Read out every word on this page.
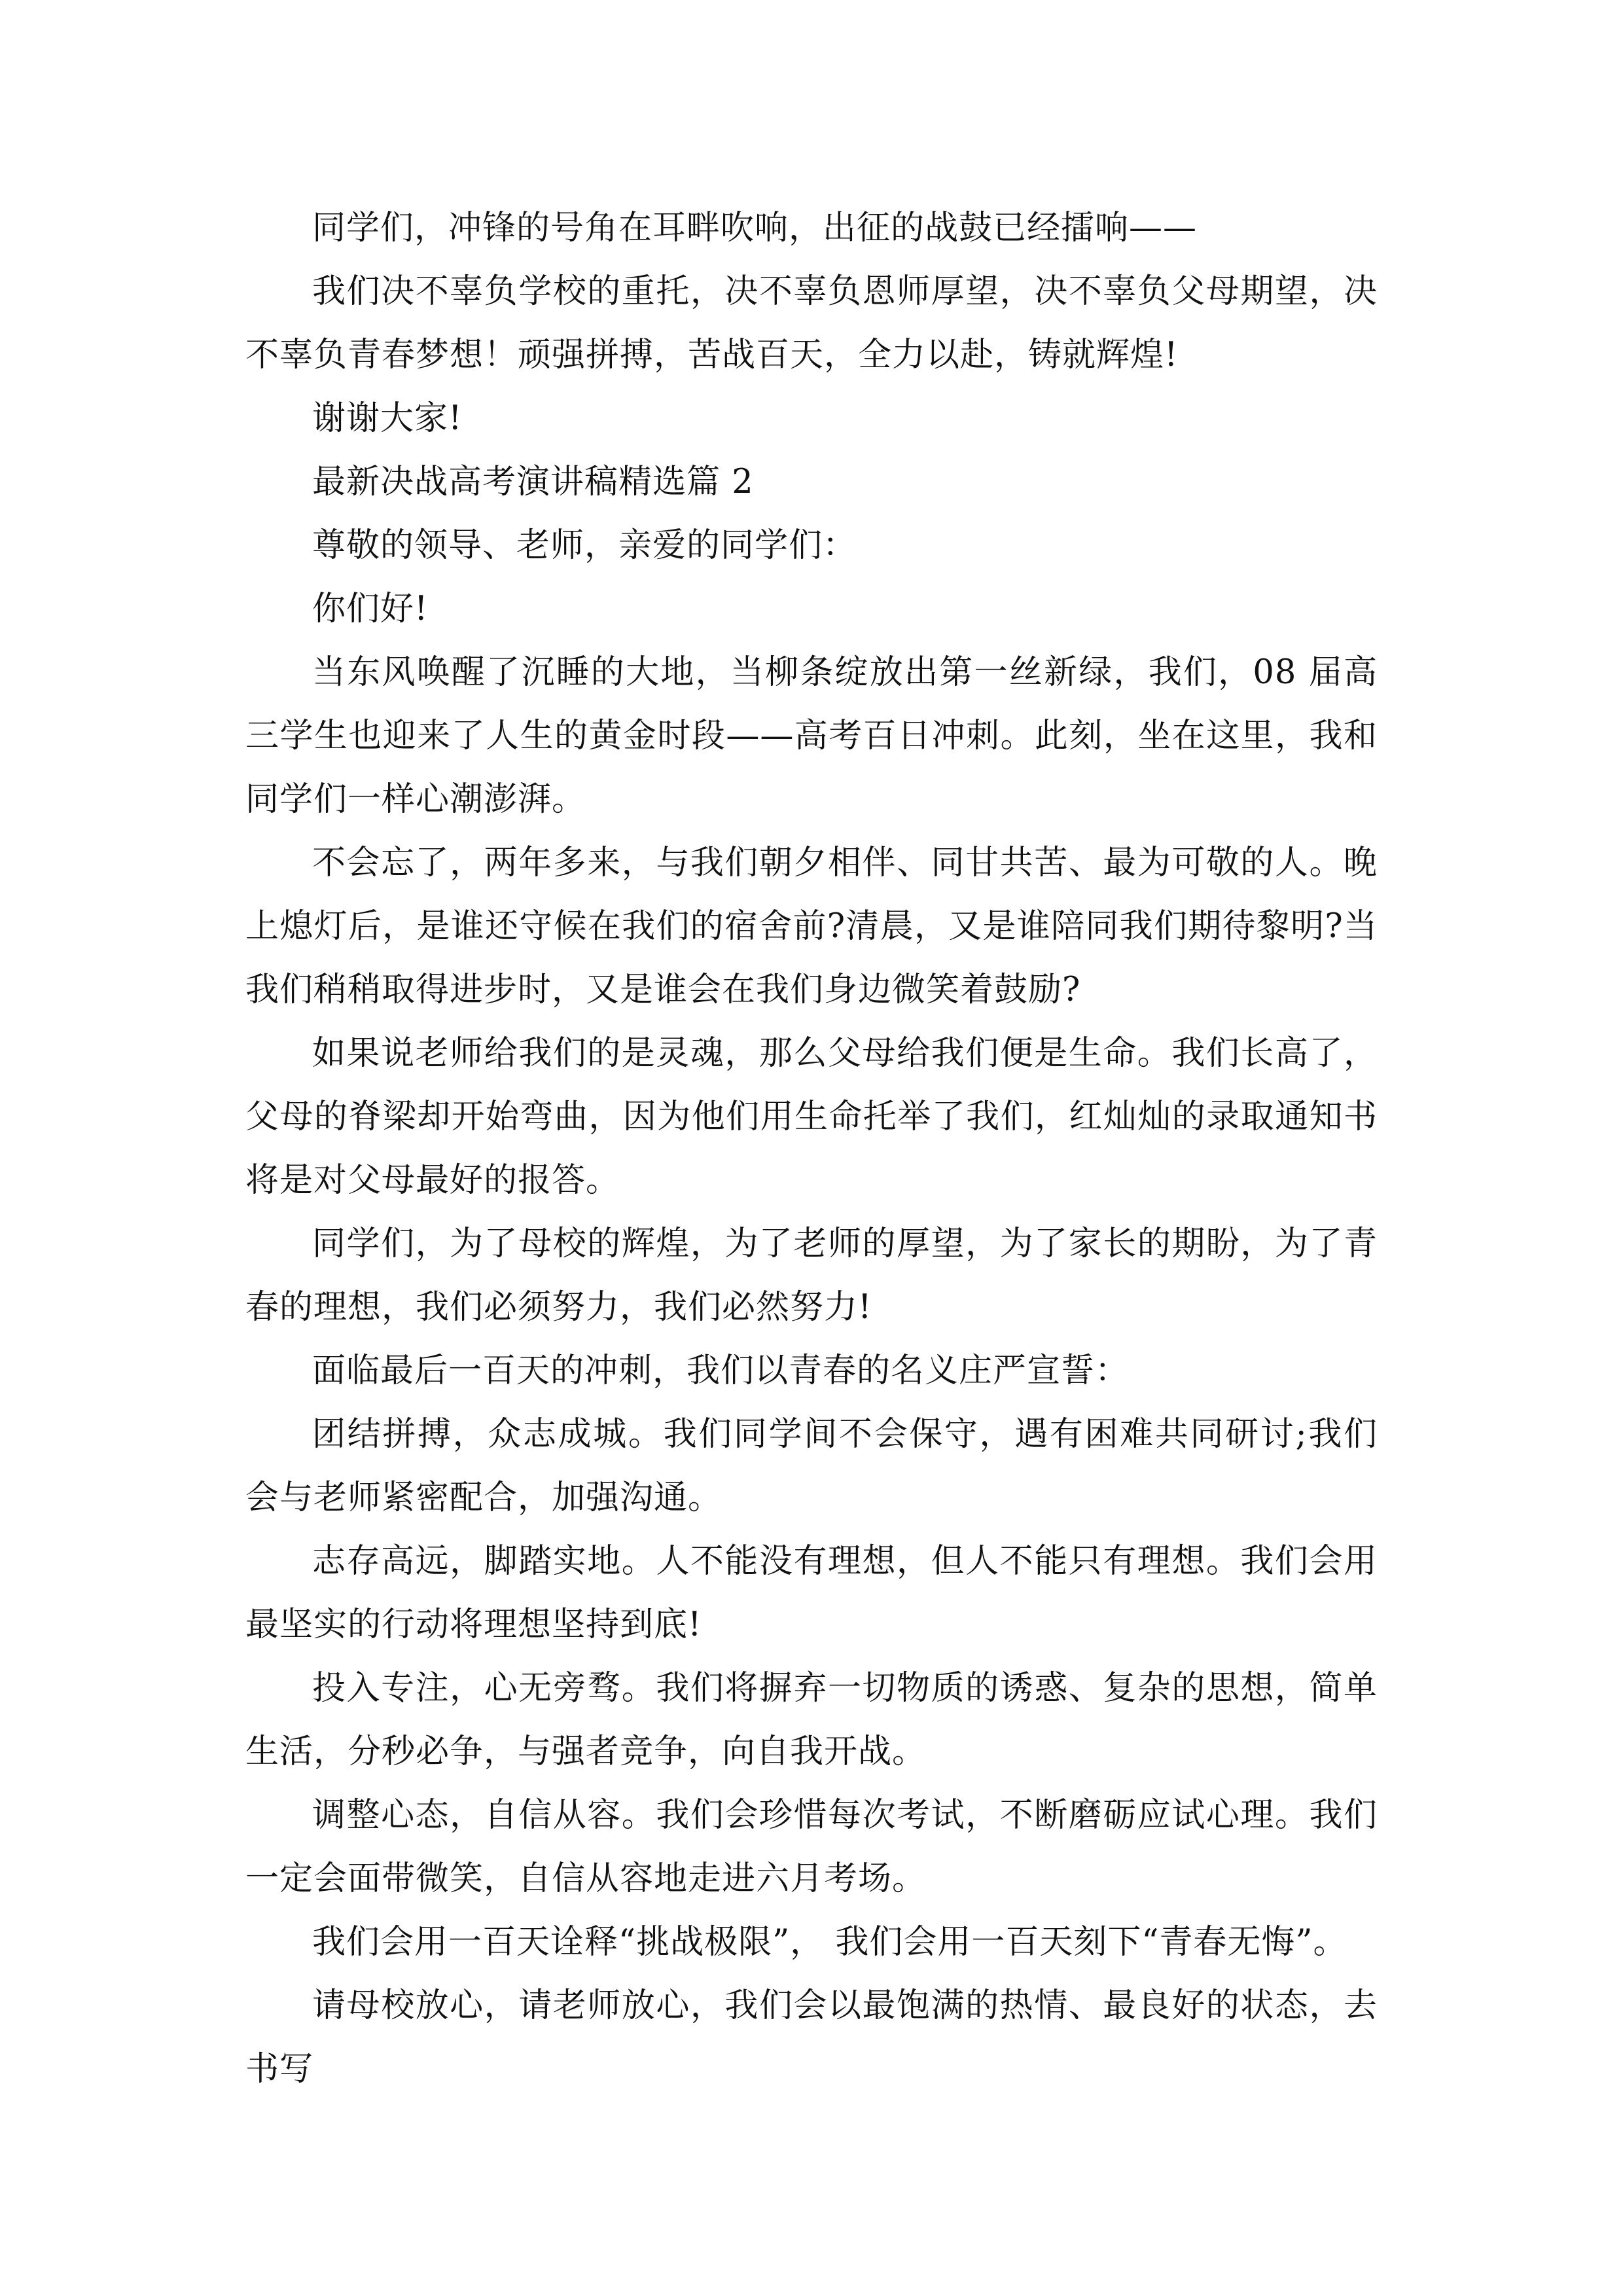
同学们，冲锋的号角在耳畔吹响，出征的战鼓已经擂响——

我们决不辜负学校的重托，决不辜负恩师厚望，决不辜负父母期望，决不辜负青春梦想！顽强拼搏，苦战百天，全力以赴，铸就辉煌!

谢谢大家!

最新决战高考演讲稿精选篇 2

尊敬的领导、老师，亲爱的同学们：

你们好!

当东风唤醒了沉睡的大地，当柳条绽放出第一丝新绿，我们，08 届高三学生也迎来了人生的黄金时段——高考百日冲刺。此刻，坐在这里，我和同学们一样心潮澎湃。

不会忘了，两年多来，与我们朝夕相伴、同甘共苦、最为可敬的人。晚上熄灯后，是谁还守候在我们的宿舍前?清晨，又是谁陪同我们期待黎明?当我们稍稍取得进步时，又是谁会在我们身边微笑着鼓励?

如果说老师给我们的是灵魂，那么父母给我们便是生命。我们长高了，父母的脊梁却开始弯曲，因为他们用生命托举了我们，红灿灿的录取通知书将是对父母最好的报答。

同学们，为了母校的辉煌，为了老师的厚望，为了家长的期盼，为了青春的理想，我们必须努力，我们必然努力!

面临最后一百天的冲刺，我们以青春的名义庄严宣誓：

团结拼搏，众志成城。我们同学间不会保守，遇有困难共同研讨;我们会与老师紧密配合，加强沟通。

志存高远，脚踏实地。人不能没有理想，但人不能只有理想。我们会用最坚实的行动将理想坚持到底!

投入专注，心无旁骛。我们将摒弃一切物质的诱惑、复杂的思想，简单生活，分秒必争，与强者竞争，向自我开战。

调整心态，自信从容。我们会珍惜每次考试，不断磨砺应试心理。我们一定会面带微笑，自信从容地走进六月考场。

我们会用一百天诠释“挑战极限”， 我们会用一百天刻下“青春无悔”。

请母校放心，请老师放心，我们会以最饱满的热情、最良好的状态，去书写
